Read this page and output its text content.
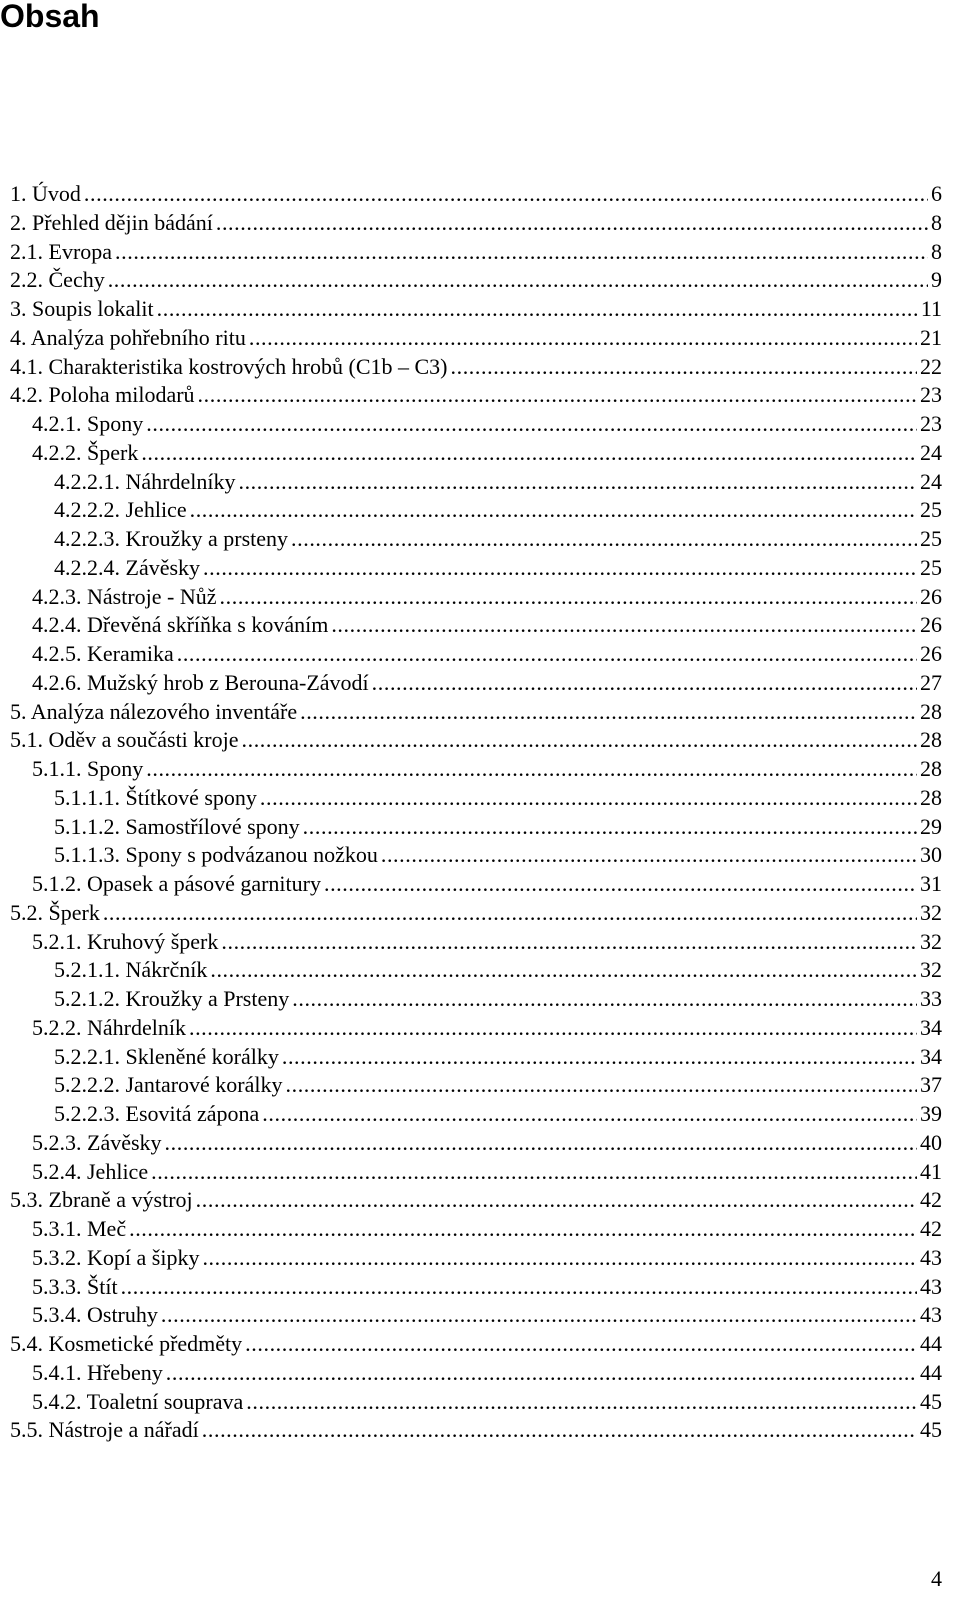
Obsah
1. Úvod . . .	6
2. Přehled dějin bádání . . .	8
2.1. Evropa . . .	8
2.2. Čechy . . .	9
3. Soupis lokalit . . .	11
4. Analýza pohřebního ritu . . .	21
4.1. Charakteristika kostrových hrobů (C1b – C3) . . .	22
4.2. Poloha milodarů . . .	23
4.2.1. Spony . . .	23
4.2.2. Šperk . . .	24
4.2.2.1. Náhrdelníky . . .	24
4.2.2.2. Jehlice . . .	25
4.2.2.3. Kroužky a prsteny . . .	25
4.2.2.4. Závěsky . . .	25
4.2.3. Nástroje - Nůž . . .	26
4.2.4. Dřevěná skříňka s kováním . . .	26
4.2.5. Keramika . . .	26
4.2.6. Mužský hrob z Berouna-Závodí . . .	27
5. Analýza nálezového inventáře . . .	28
5.1. Oděv a součásti kroje . . .	28
5.1.1. Spony . . .	28
5.1.1.1. Štítkové spony . . .	28
5.1.1.2. Samostřílové spony . . .	29
5.1.1.3. Spony s podvázanou nožkou . . .	30
5.1.2. Opasek a pásové garnitury . . .	31
5.2. Šperk . . .	32
5.2.1. Kruhový šperk . . .	32
5.2.1.1. Nákrčník . . .	32
5.2.1.2. Kroužky a Prsteny . . .	33
5.2.2. Náhrdelník . . .	34
5.2.2.1. Skleněné korálky . . .	34
5.2.2.2. Jantarové korálky . . .	37
5.2.2.3. Esovitá zápona . . .	39
5.2.3. Závěsky . . .	40
5.2.4. Jehlice . . .	41
5.3. Zbraně a výstroj . . .	42
5.3.1. Meč . . .	42
5.3.2. Kopí a šipky . . .	43
5.3.3. Štít . . .	43
5.3.4. Ostruhy . . .	43
5.4. Kosmetické předměty . . .	44
5.4.1. Hřebeny . . .	44
5.4.2. Toaletní souprava . . .	45
5.5. Nástroje a nářadí . . .	45
4
